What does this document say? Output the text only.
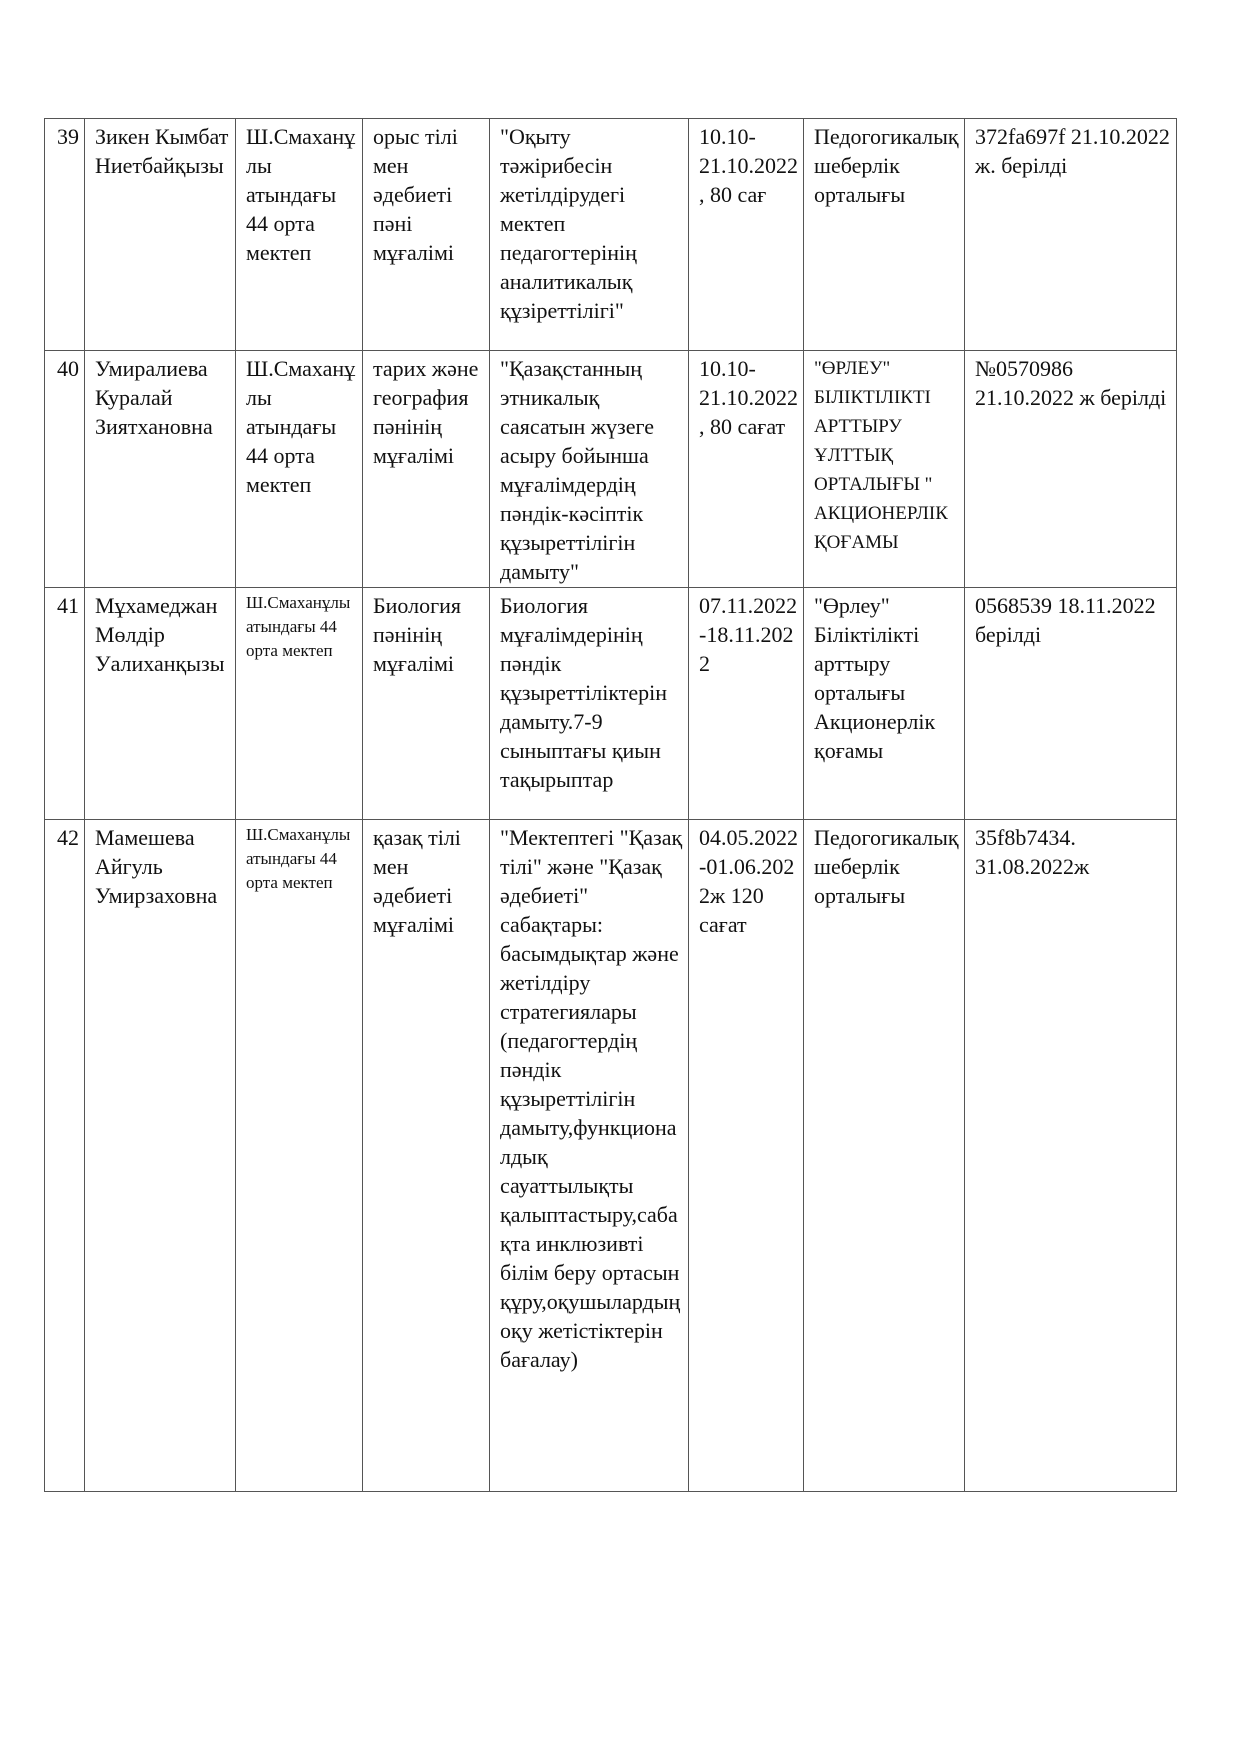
39	Зикен Кымбат Ниетбайқызы	Ш.Смаханұлы атындағы 44 орта мектеп	орыс тілі мен әдебиеті пәні мұғалімі	"Оқыту тәжірибесін жетілдірудегі мектеп педагогтерінің аналитикалық құзіреттілігі"	10.10-21.10.2022, 80 сағ	Педогогикалық шеберлік орталығы	372fa697f 21.10.2022 ж. берілді
40	Умиралиева Куралай Зиятхановна	Ш.Смаханұлы атындағы 44 орта мектеп	тарих және география пәнінің мұғалімі	"Қазақстанның этникалық саясатын жүзеге асыру бойынша мұғалімдердің пәндік-кәсіптік құзыреттілігін дамыту"	10.10-21.10.2022, 80 сағат	"ӨРЛЕУ" БІЛІКТІЛІКТІ АРТТЫРУ ҰЛТТЫҚ ОРТАЛЫҒЫ " АКЦИОНЕРЛІК ҚОҒАМЫ	№0570986 21.10.2022 ж берілді
41	Мұхамеджан Мөлдір Уалиханқызы	Ш.Смаханұлы атындағы 44 орта мектеп	Биология пәнінің мұғалімі	Биология мұғалімдерінің пәндік құзыреттіліктерін дамыту.7-9 сыныптағы қиын тақырыптар	07.11.2022-18.11.2022	"Өрлеу" Біліктілікті арттыру орталығы Акционерлік қоғамы	0568539 18.11.2022 берілді
42	Мамешева Айгуль Умирзаховна	Ш.Смаханұлы атындағы 44 орта мектеп	қазақ тілі мен әдебиеті мұғалімі	"Мектептегі "Қазақ тілі" және "Қазақ әдебиеті" сабақтары: басымдықтар және жетілдіру стратегиялары (педагогтердің пәндік құзыреттілігін дамыту,функционалдық сауаттылықты қалыптастыру,сабақта инклюзивті білім беру ортасын құру,оқушылардың оқу жетістіктерін бағалау)	04.05.2022-01.06.2022ж 120 сағат	Педогогикалық шеберлік орталығы	35f8b7434. 31.08.2022ж
